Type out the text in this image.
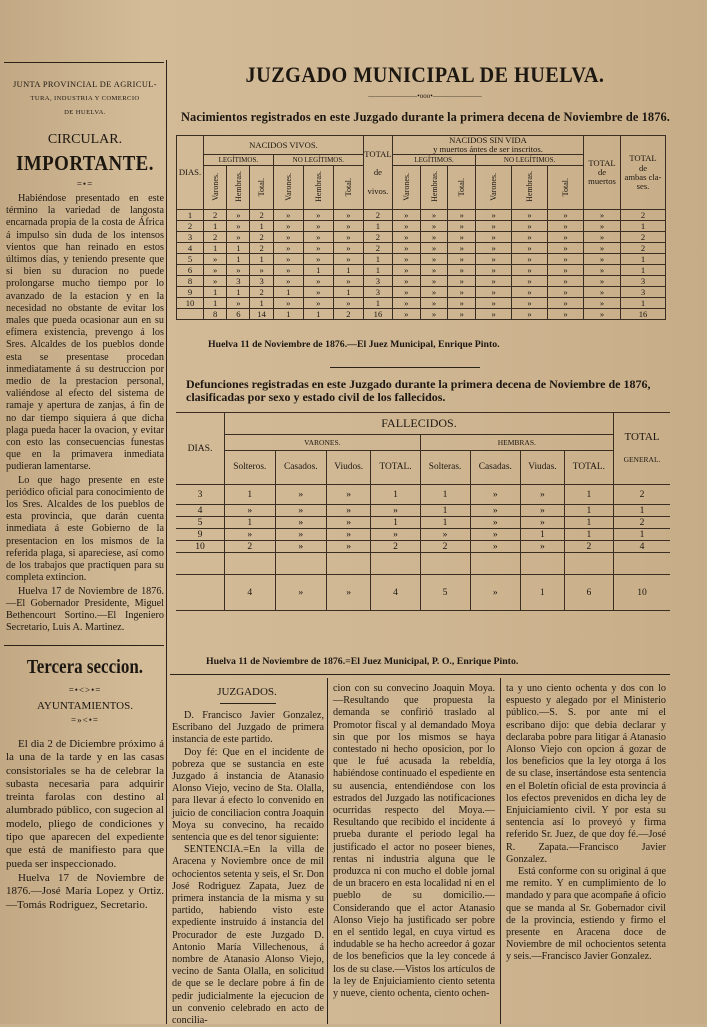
JUNTA PROVINCIAL DE AGRICUL-
TURA, INDUSTRIA Y COMERCIO
DE HUELVA.
CIRCULAR.
IMPORTANTE.
=•=

Habiéndose presentado en este término la variedad de langosta encarnada propia de la costa de África á impulso sin duda de los intensos vientos que han reinado en estos últimos días, y teniendo presente que si bien su duracion no puede prolongarse mucho tiempo por lo avanzado de la estacion y en la necesidad no obstante de evitar los males que pueda ocasionar aun en su efímera existencia, prevengo á los Sres. Alcaldes de los pueblos donde esta se presentase procedan inmediatamente á su destruccion por medio de la prestacion personal, valiéndose al efecto del sistema de ramaje y apertura de zanjas, á fin de no dar tiempo siquiera á que dicha plaga pueda hacer la ovacion, y evitar con esto las consecuencias funestas que en la primavera inmediata pudieran lamentarse.

Lo que hago presente en este periódico oficial para conocimiento de los Sres. Alcaldes de los pueblos de esta provincia, que darán cuenta inmediata á este Gobierno de la presentacion en los mismos de la referida plaga, si apareciese, así como de los trabajos que practiquen para su completa extincion.

Huelva 17 de Noviembre de 1876.—El Gobernador Presidente, Miguel Bethencourt Sortino.—El Ingeniero Secretario, Luis A. Martinez.

Tercera seccion.
=•<>•=
AYUNTAMIENTOS.
=»<•=

El dia 2 de Diciembre próximo á la una de la tarde y en las casas consistoriales se ha de celebrar la subasta necesaria para adquirir treinta farolas con destino al alumbrado público, con sugecion al modelo, pliego de condiciones y tipo que aparecen del expediente que está de manifiesto para que pueda ser inspeccionado.

Huelva 17 de Noviembre de 1876.—José María Lopez y Ortiz.—Tomás Rodriguez, Secretario.

JUZGADO MUNICIPAL DE HUELVA.
———————•ooo•———————
Nacimientos registrados en este Juzgado durante la primera decena de Noviembre de 1876.
DIAS.	NACIDOS VIVOS.						TOTAL

de

vivos.	NACIDOS SIN VIDA
y muertos ántes de ser inscritos.						TOTAL
de
muertos	TOTAL
de
ambas cla-
ses.
	LEGÍTIMOS.			NO LEGÍTIMOS.				LEGÍTIMOS.			NO LEGÍTIMOS.				
	Varones.	Hembras.	Total.	Varones.	Hembras.	Total.		Varones.	Hembras.	Total.	Varones.	Hembras.	Total.		
1	2	»	2	»	»	»	2	»	»	»	»	»	»	»	2
2	1	»	1	»	»	»	1	»	»	»	»	»	»	»	1
3	2	»	2	»	»	»	2	»	»	»	»	»	»	»	2
4	1	1	2	»	»	»	2	»	»	»	»	»	»	»	2
5	»	1	1	»	»	»	1	»	»	»	»	»	»	»	1
6	»	»	»	»	1	1	1	»	»	»	»	»	»	»	1
8	»	3	3	»	»	»	3	»	»	»	»	»	»	»	3
9	1	1	2	1	»	1	3	»	»	»	»	»	»	»	3
10	1	»	1	»	»	»	1	»	»	»	»	»	»	»	1
	8	6	14	1	1	2	16	»	»	»	»	»	»	»	16
Huelva 11 de Noviembre de 1876.—El Juez Municipal, Enrique Pinto.
Defunciones registradas en este Juzgado durante la primera decena de Noviembre de 1876,
clasificadas por sexo y estado civil de los fallecidos.
DIAS.	FALLECIDOS.								TOTAL

GENERAL.
	VARONES.				HEMBRAS.				
	Solteros.	Casados.	Viudos.	TOTAL.	Solteras.	Casadas.	Viudas.	TOTAL.	
3	1	»	»	1	1	»	»	1	2
4	»	»	»	»	1	»	»	1	1
5	1	»	»	1	1	»	»	1	2
9	»	»	»	»	»	»	1	1	1
10	2	»	»	2	2	»	»	2	4

	4	»	»	4	5	»	1	6	10
Huelva 11 de Noviembre de 1876.=El Juez Municipal, P. O., Enrique Pinto.
JUZGADOS.

D. Francisco Javier Gonzalez, Escribano del Juzgado de primera instancia de este partido.

Doy fé: Que en el incidente de pobreza que se sustancia en este Juzgado á instancia de Atanasio Alonso Viejo, vecino de Sta. Olalla, para llevar á efecto lo convenido en juicio de conciliacion contra Joaquin Moya su convecino, ha recaido sentencia que es del tenor siguiente:

SENTENCIA.=En la villa de Aracena y Noviembre once de mil ochocientos setenta y seis, el Sr. Don José Rodriguez Zapata, Juez de primera instancia de la misma y su partido, habiendo visto este expediente instruido á instancia del Procurador de este Juzgado D. Antonio María Villechenous, á nombre de Atanasio Alonso Viejo, vecino de Santa Olalla, en solicitud de que se le declare pobre á fin de pedir judicialmente la ejecucion de un convenio celebrado en acto de concilia-

cion con su convecino Joaquin Moya.—Resultando que propuesta la demanda se confirió traslado al Promotor fiscal y al demandado Moya sin que por los mismos se haya contestado ni hecho oposicion, por lo que le fué acusada la rebeldía, habiéndose continuado el espediente en su ausencia, entendiéndose con los estrados del Juzgado las notificaciones ocurridas respecto del Moya.—Resultando que recibido el incidente á prueba durante el periodo legal ha justificado el actor no poseer bienes, rentas ni industria alguna que le produzca ni con mucho el doble jornal de un bracero en esta localidad ni en el pueblo de su domicilio.—Considerando que el actor Atanasio Alonso Viejo ha justificado ser pobre en el sentido legal, en cuya virtud es indudable se ha hecho acreedor á gozar de los beneficios que la ley concede á los de su clase.—Vistos los artículos de la ley de Enjuiciamiento ciento setenta y nueve, ciento ochenta, ciento ochen-

ta y uno ciento ochenta y dos con lo espuesto y alegado por el Ministerio público.—S. S. por ante mí el escribano dijo: que debia declarar y declaraba pobre para litigar á Atanasio Alonso Viejo con opcion á gozar de los beneficios que la ley otorga á los de su clase, insertándose esta sentencia en el Boletín oficial de esta provincia á los efectos prevenidos en dicha ley de Enjuiciamiento civil. Y por esta su sentencia así lo proveyó y firma referido Sr. Juez, de que doy fé.—José R. Zapata.—Francisco Javier Gonzalez.

Está conforme con su original á que me remito. Y en cumplimiento de lo mandado y para que acompañe á oficio que se manda al Sr. Gobernador civil de la provincia, estiendo y firmo el presente en Aracena doce de Noviembre de mil ochocientos setenta y seis.—Francisco Javier Gonzalez.
